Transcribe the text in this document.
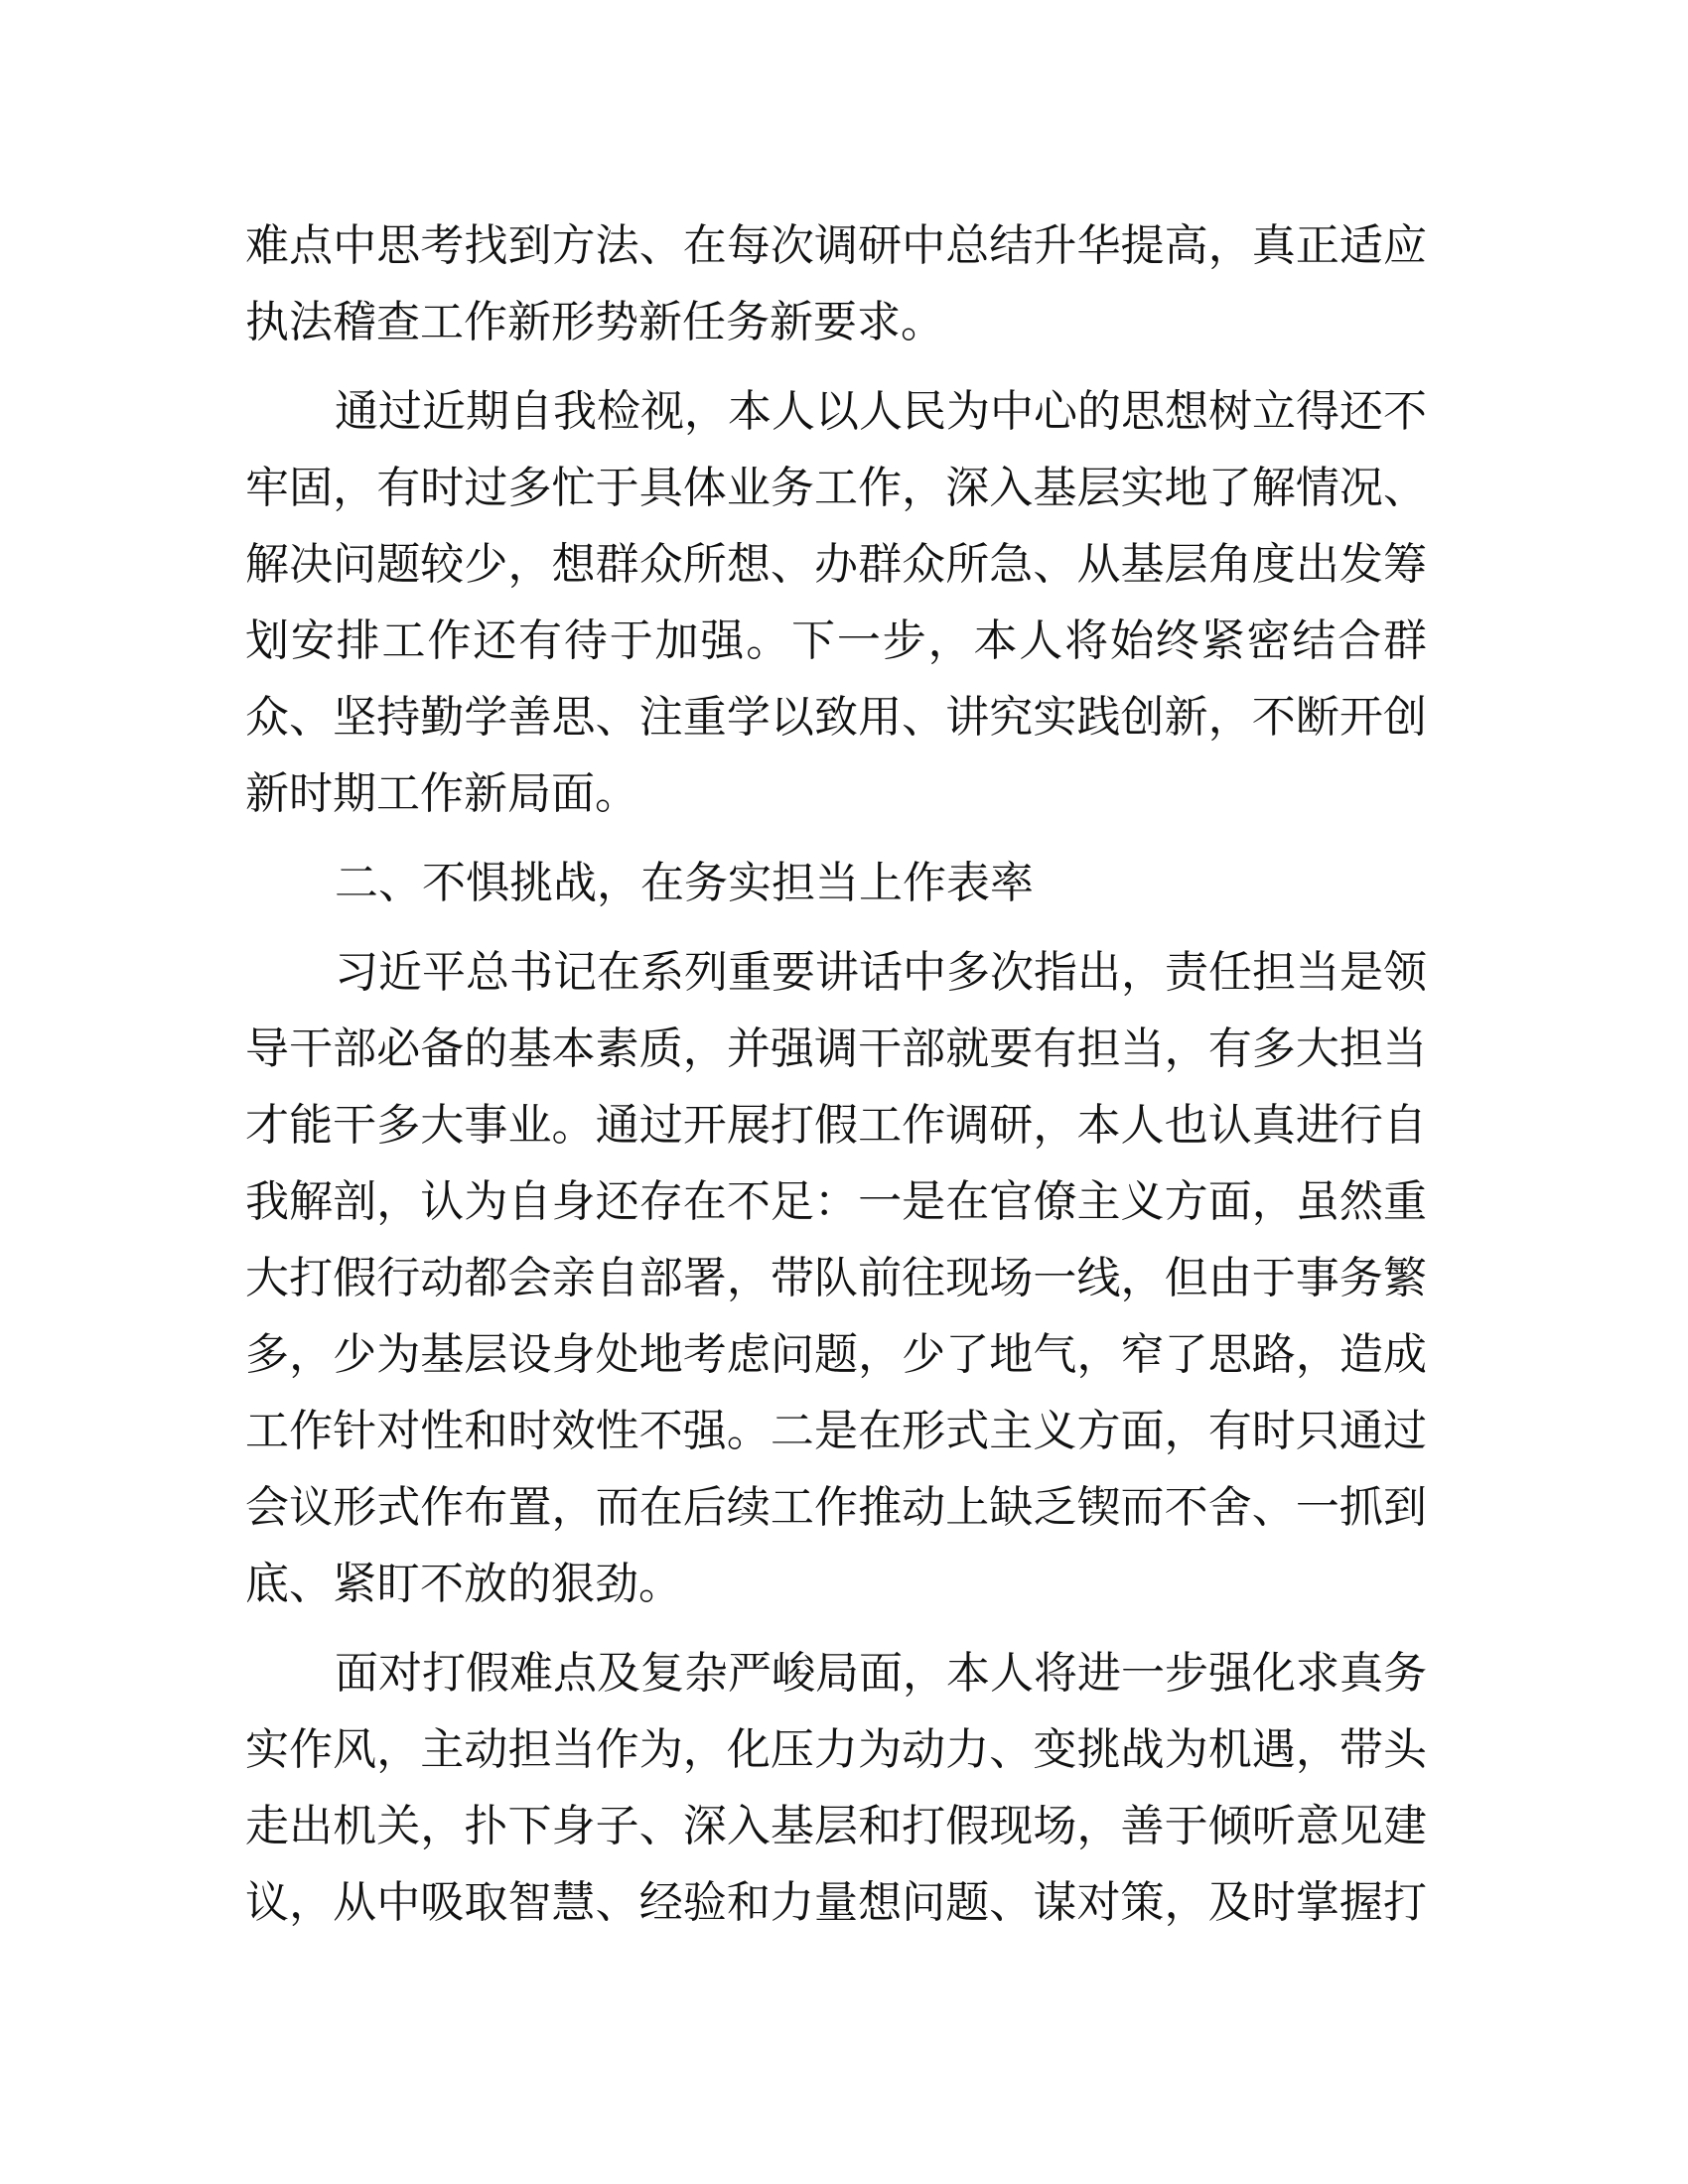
难点中思考找到方法、在每次调研中总结升华提高，真正适应
执法稽查工作新形势新任务新要求。
通过近期自我检视，本人以人民为中心的思想树立得还不
牢固，有时过多忙于具体业务工作，深入基层实地了解情况、
解决问题较少，想群众所想、办群众所急、从基层角度出发筹
划安排工作还有待于加强。下一步，本人将始终紧密结合群
众、坚持勤学善思、注重学以致用、讲究实践创新，不断开创
新时期工作新局面。
二、不惧挑战，在务实担当上作表率
习近平总书记在系列重要讲话中多次指出，责任担当是领
导干部必备的基本素质，并强调干部就要有担当，有多大担当
才能干多大事业。通过开展打假工作调研，本人也认真进行自
我解剖，认为自身还存在不足：一是在官僚主义方面，虽然重
大打假行动都会亲自部署，带队前往现场一线，但由于事务繁
多，少为基层设身处地考虑问题，少了地气，窄了思路，造成
工作针对性和时效性不强。二是在形式主义方面，有时只通过
会议形式作布置，而在后续工作推动上缺乏锲而不舍、一抓到
底、紧盯不放的狠劲。
面对打假难点及复杂严峻局面，本人将进一步强化求真务
实作风，主动担当作为，化压力为动力、变挑战为机遇，带头
走出机关，扑下身子、深入基层和打假现场，善于倾听意见建
议，从中吸取智慧、经验和力量想问题、谋对策，及时掌握打
